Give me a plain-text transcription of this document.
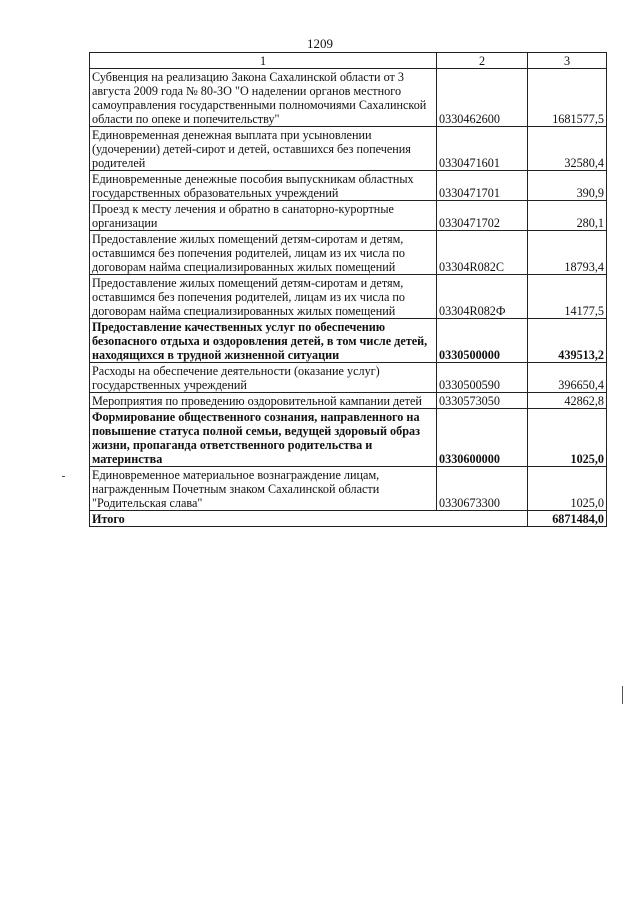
1209
1	2	3
Субвенция на реализацию Закона Сахалинской области от 3 августа 2009 года № 80-ЗО "О наделении органов местного самоуправления государственными полномочиями Сахалинской области по опеке и попечительству"	0330462600	1681577,5
Единовременная денежная выплата при усыновлении (удочерении) детей-сирот и детей, оставшихся без попечения родителей	0330471601	32580,4
Единовременные денежные пособия выпускникам областных государственных образовательных учреждений	0330471701	390,9
Проезд к месту лечения и обратно в санаторно-курортные организации	0330471702	280,1
Предоставление жилых помещений детям-сиротам и детям, оставшимся без попечения родителей, лицам из их числа по договорам найма специализированных жилых помещений	03304R082С	18793,4
Предоставление жилых помещений детям-сиротам и детям, оставшимся без попечения родителей, лицам из их числа по договорам найма специализированных жилых помещений	03304R082Ф	14177,5
Предоставление качественных услуг по обеспечению безопасного отдыха и оздоровления детей, в том числе детей, находящихся в трудной жизненной ситуации	0330500000	439513,2
Расходы на обеспечение деятельности (оказание услуг) государственных учреждений	0330500590	396650,4
Мероприятия по проведению оздоровительной кампании детей	0330573050	42862,8
Формирование общественного сознания, направленного на повышение статуса полной семьи, ведущей здоровый образ жизни, пропаганда ответственного родительства и материнства	0330600000	1025,0
Единовременное материальное вознаграждение лицам, награжденным Почетным знаком Сахалинской области "Родительская слава"	0330673300	1025,0
Итого		6871484,0
